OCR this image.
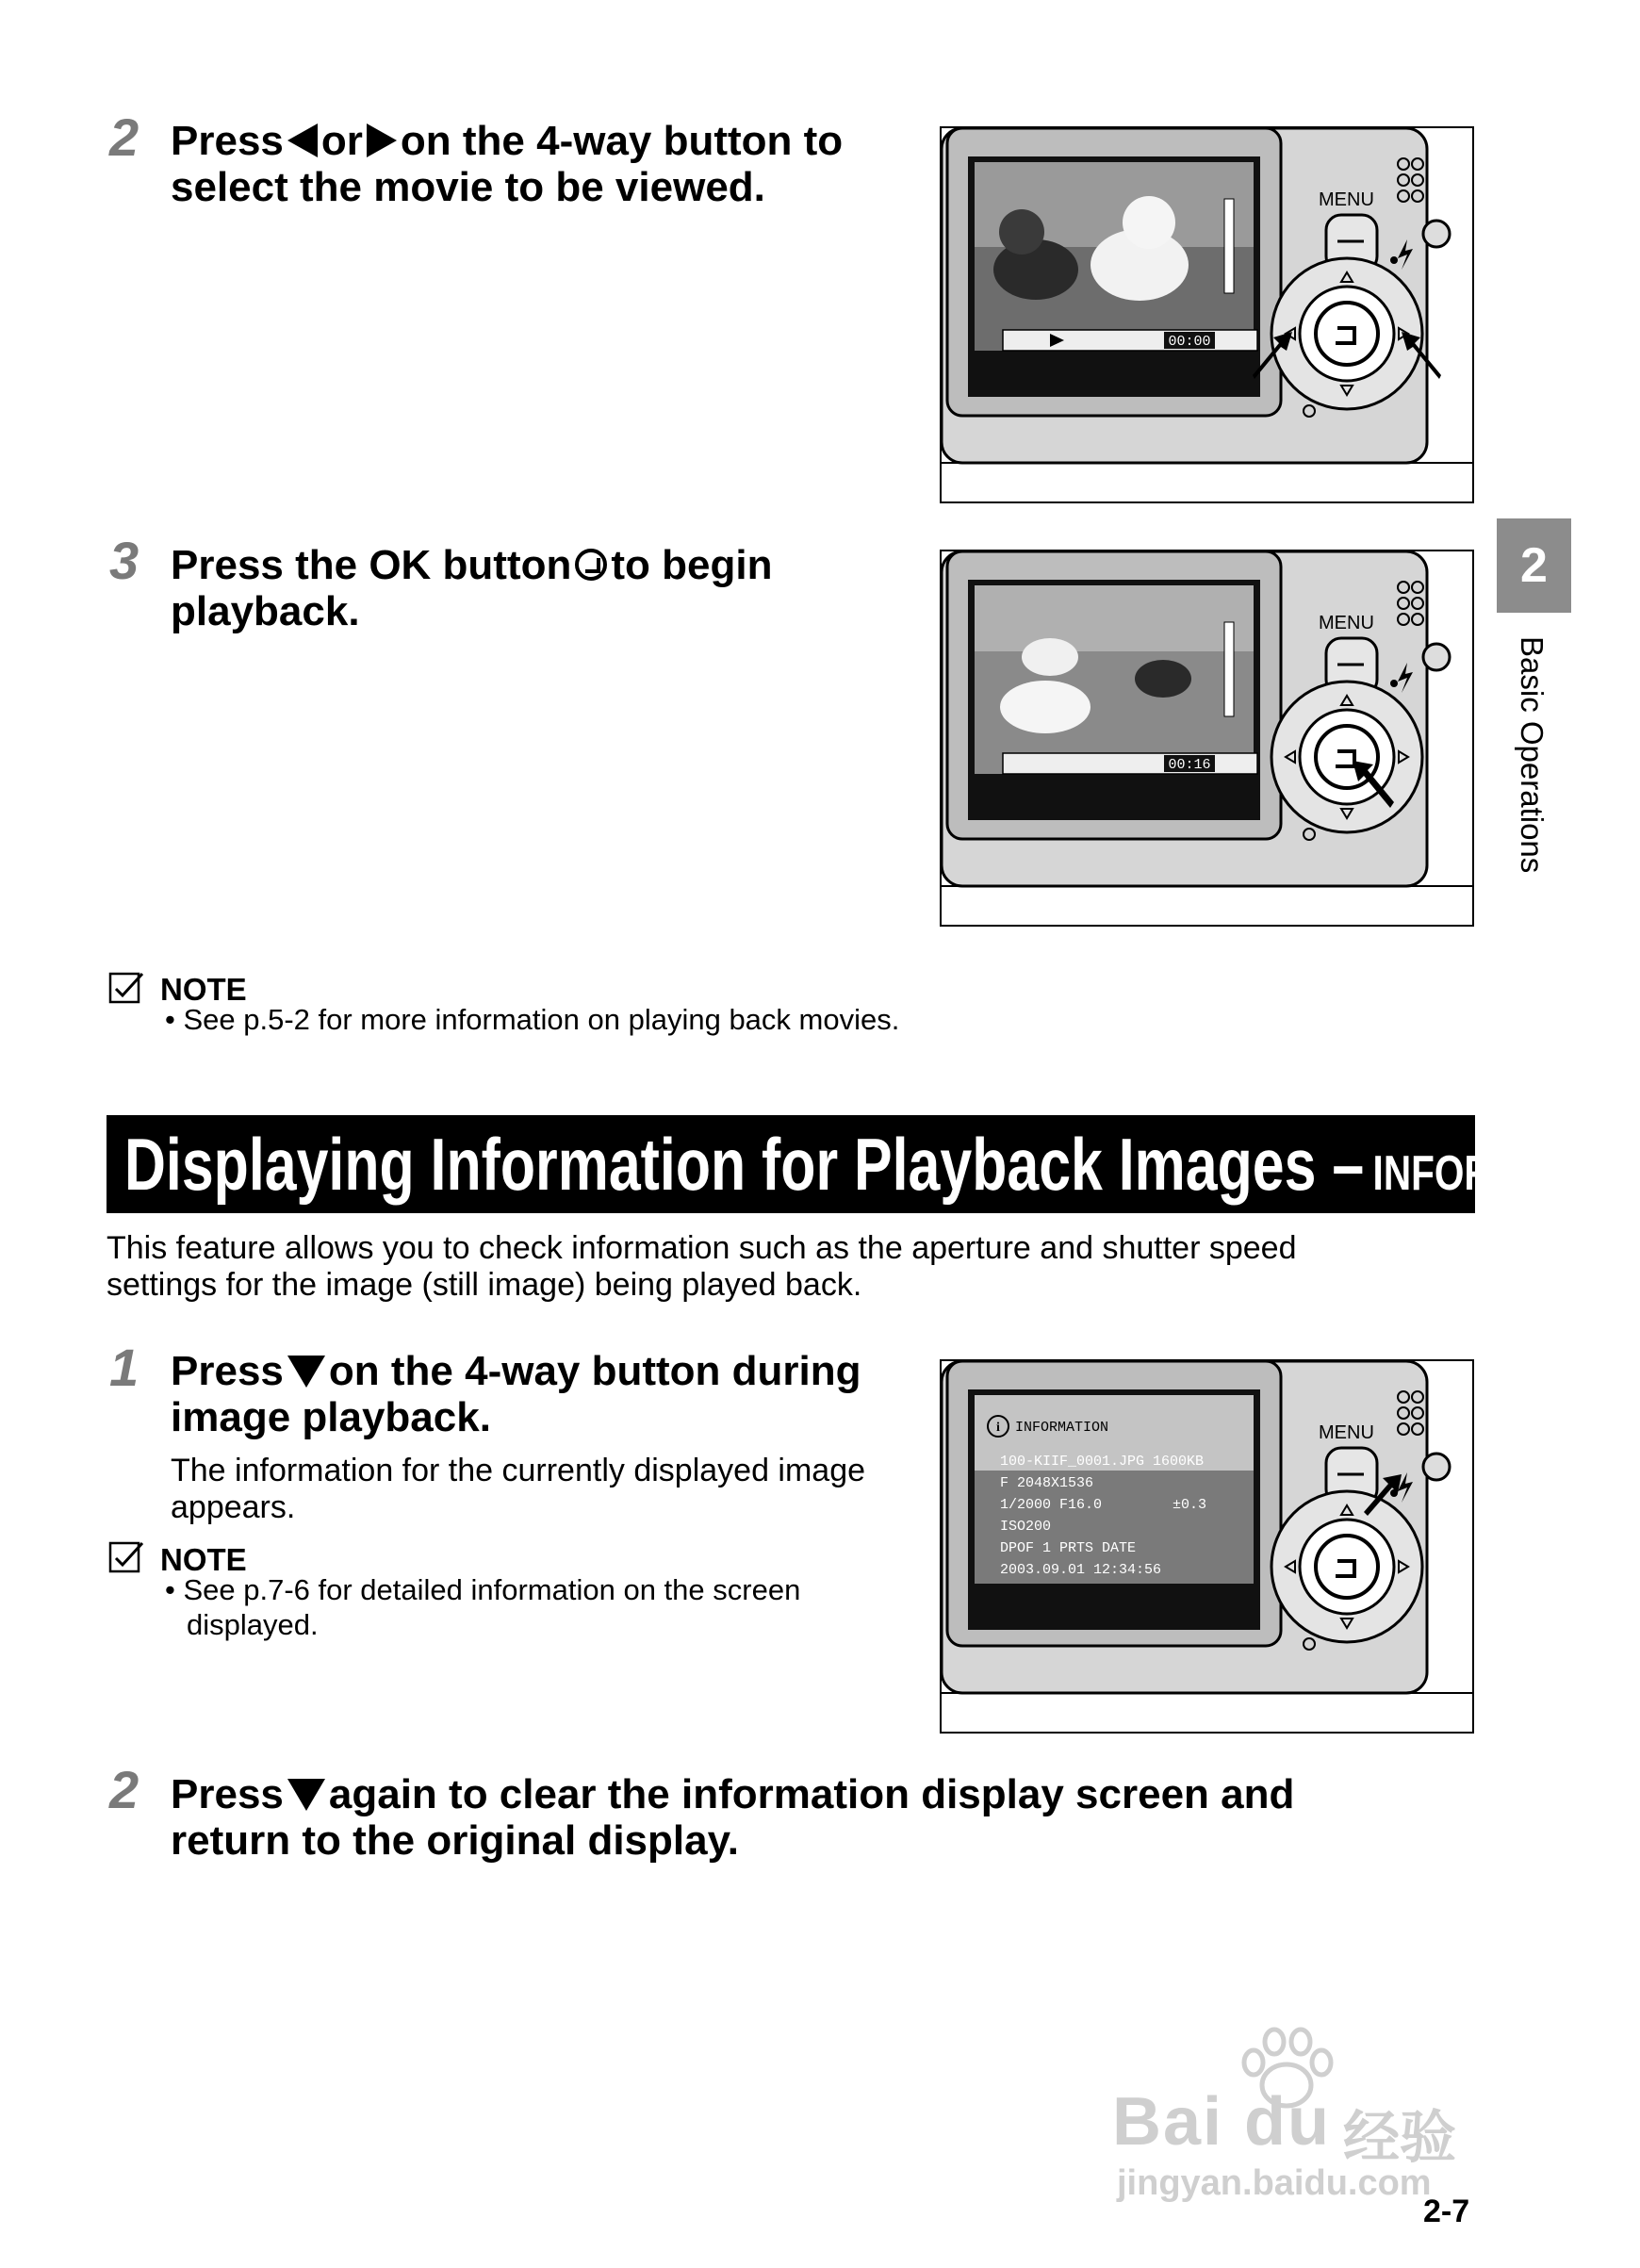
2 Press or on the 4-way button to
select the movie to be viewed.
00:00
MENU
3 Press the OK button to begin
playback.
00:16
MENU
2
Basic Operations
NOTE
• See p.5-2 for more information on playing back movies.
Displaying Information for Playback Images – INFORMATION
This feature allows you to check information such as the aperture and shutter speed
settings for the image (still image) being played back.
1 Press on the 4-way button during
image playback.
The information for the currently displayed image
appears.
NOTE
• See p.7-6 for detailed information on the screen
displayed.
i INFORMATION
100-KIIF_0001.JPG 1600KB
F 2048X1536
1/2000 F16.0	±0.3
ISO200
DPOF 1 PRTS DATE
2003.09.01 12:34:56
MENU
2 Press again to clear the information display screen and
return to the original display.
Bai du 经验
jingyan.baidu.com
2-7
